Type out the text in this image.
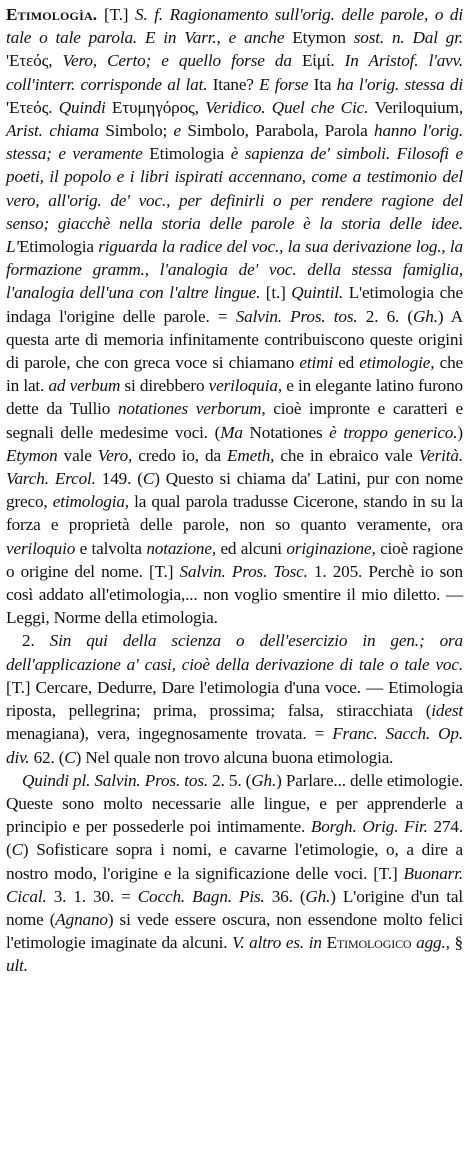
Etimologìa. [T.] S. f. Ragionamento sull'orig. delle parole, o di tale o tale parola. E in Varr., e anche Etymon sost. n. Dal gr. 'Ετεός, Vero, Certo; e quello forse da Εἰμί. In Aristof. l'avv. coll'interr. corrisponde al lat. Itane? E forse Ita ha l'orig. stessa di 'Ετεός. Quindi Ετυμηγόρος, Veridico. Quel che Cic. Veriloquium, Arist. chiama Simbolo; e Simbolo, Parabola, Parola hanno l'orig. stessa; e veramente Etimologia è sapienza de' simboli. Filosofi e poeti, il popolo e i libri ispirati accennano, come a testimonio del vero, all'orig. de' voc., per definirli o per rendere ragione del senso; giacchè nella storia delle parole è la storia delle idee. L'Etimologia riguarda la radice del voc., la sua derivazione log., la formazione gramm., l'analogia de' voc. della stessa famiglia, l'analogia dell'una con l'altre lingue. [t.] Quintil. L'etimologia che indaga l'origine delle parole. = Salvin. Pros. tos. 2. 6. (Gh.) A questa arte di memoria infinitamente contribuiscono queste origini di parole, che con greca voce si chiamano etimi ed etimologie, che in lat. ad verbum si direbbero veriloquia, e in elegante latino furono dette da Tullio notationes verborum, cioè impronte e caratteri e segnali delle medesime voci. (Ma Notationes è troppo generico.) Etymon vale Vero, credo io, da Emeth, che in ebraico vale Verità. Varch. Ercol. 149. (C) Questo si chiama da' Latini, pur con nome greco, etimologia, la qual parola tradusse Cicerone, stando in su la forza e proprietà delle parole, non so quanto veramente, ora veriloquio e talvolta notazione, ed alcuni originazione, cioè ragione o origine del nome. [T.] Salvin. Pros. Tosc. 1. 205. Perchè io son così addato all'etimologia,... non voglio smentire il mio diletto. — Leggi, Norme della etimologia.

2. Sin qui della scienza o dell'esercizio in gen.; ora dell'applicazione a' casi, cioè della derivazione di tale o tale voc. [T.] Cercare, Dedurre, Dare l'etimologia d'una voce. — Etimologia riposta, pellegrina; prima, prossima; falsa, stiracchiata (idest menagiana), vera, ingegnosamente trovata. = Franc. Sacch. Op. div. 62. (C) Nel quale non trovo alcuna buona etimologia.

Quindi pl. Salvin. Pros. tos. 2. 5. (Gh.) Parlare... delle etimologie. Queste sono molto necessarie alle lingue, e per apprenderle a principio e per possederle poi intimamente. Borgh. Orig. Fir. 274. (C) Sofisticare sopra i nomi, e cavarne l'etimologie, o, a dire a nostro modo, l'origine e la significazione delle voci. [T.] Buonarr. Cical. 3. 1. 30. = Cocch. Bagn. Pis. 36. (Gh.) L'origine d'un tal nome (Agnano) si vede essere oscura, non essendone molto felici l'etimologie imaginate da alcuni. V. altro es. in Etimologico agg., § ult.
